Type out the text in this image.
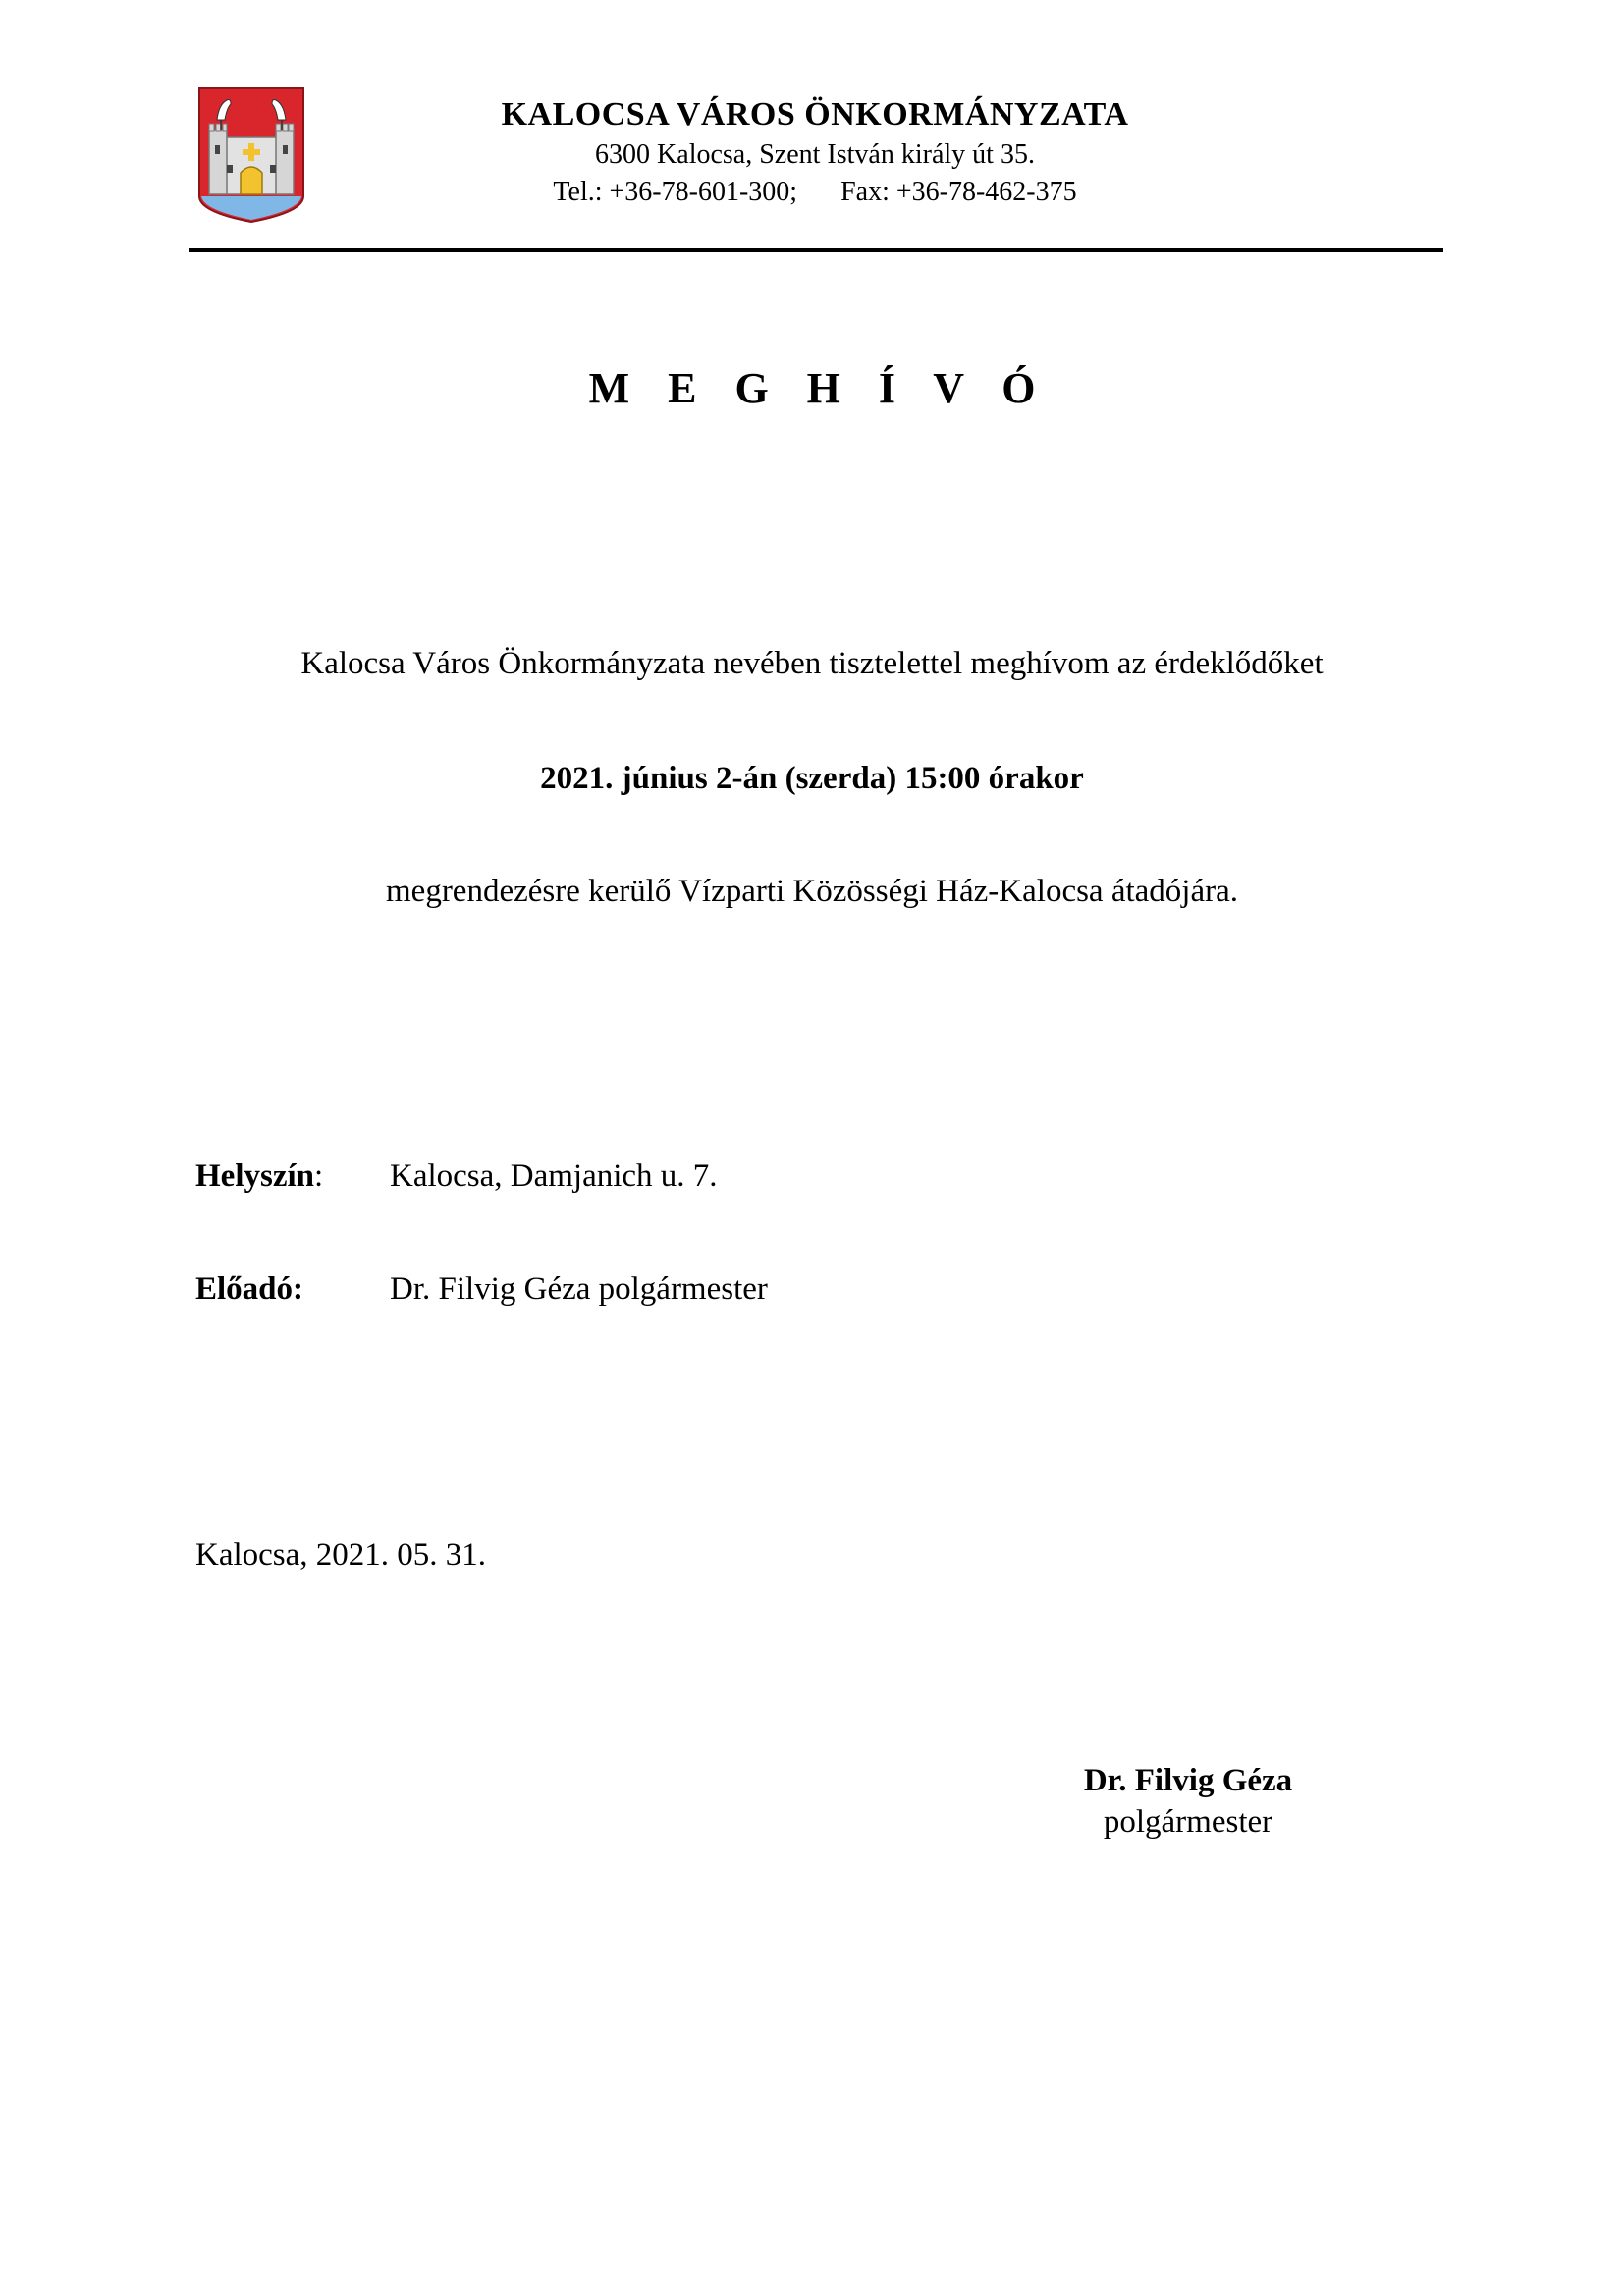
KALOCSA VÁROS ÖNKORMÁNYZATA
6300 Kalocsa, Szent István király út 35.
Tel.: +36-78-601-300; Fax: +36-78-462-375
M E G H Í V Ó
Kalocsa Város Önkormányzata nevében tisztelettel meghívom az érdeklődőket
2021. június 2-án (szerda) 15:00 órakor
megrendezésre kerülő Vízparti Közösségi Ház-Kalocsa átadójára.
Helyszín: Kalocsa, Damjanich u. 7.
Előadó:	Dr. Filvig Géza polgármester
Kalocsa, 2021. 05. 31.
Dr. Filvig Géza
polgármester
